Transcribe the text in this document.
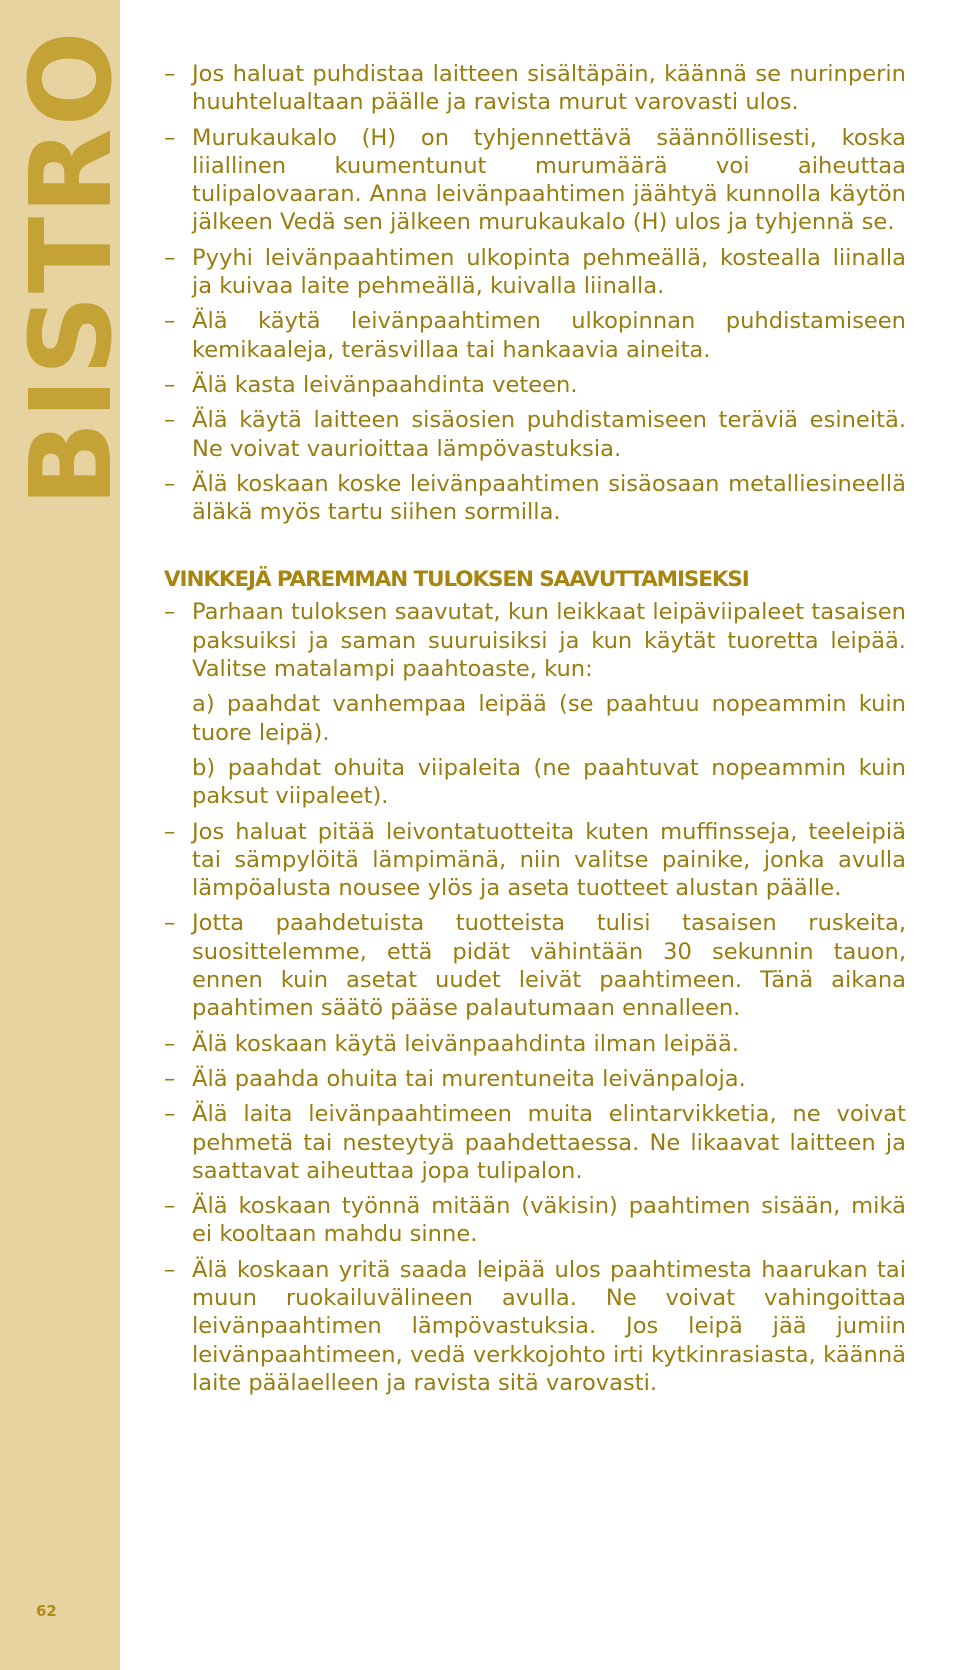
BISTRO
62
– Jos haluat puhdistaa laitteen sisältäpäin, käännä se nurinperin huuhtelualtaan päälle ja ravista murut varovasti ulos.
– Murukaukalo (H) on tyhjennettävä säännöllisesti, koska liiallinen kuumentunut murumäärä voi aiheuttaa tulipalovaaran. Anna leivänpaahtimen jäähtyä kunnolla käytön jälkeen Vedä sen jälkeen murukaukalo (H) ulos ja tyhjennä se.
– Pyyhi leivänpaahtimen ulkopinta pehmeällä, kostealla liinalla ja kuivaa laite pehmeällä, kuivalla liinalla.
– Älä käytä leivänpaahtimen ulkopinnan puhdistamiseen kemikaaleja, teräsvillaa tai hankaavia aineita.
– Älä kasta leivänpaahdinta veteen.
– Älä käytä laitteen sisäosien puhdistamiseen teräviä esineitä. Ne voivat vaurioittaa lämpövastuksia.
– Älä koskaan koske leivänpaahtimen sisäosaan metalliesineellä äläkä myös tartu siihen sormilla.
VINKKEJÄ PAREMMAN TULOKSEN SAAVUTTAMISEKSI
– Parhaan tuloksen saavutat, kun leikkaat leipäviipaleet tasaisen paksuiksi ja saman suuruisiksi ja kun käytät tuoretta leipää. Valitse matalampi paahtoaste, kun:
a) paahdat vanhempaa leipää (se paahtuu nopeammin kuin tuore leipä).
b) paahdat ohuita viipaleita (ne paahtuvat nopeammin kuin paksut viipaleet).
– Jos haluat pitää leivontatuotteita kuten muffinsseja, teeleipiä tai sämpylöitä lämpimänä, niin valitse painike, jonka avulla lämpöalusta nousee ylös ja aseta tuotteet alustan päälle.
– Jotta paahdetuista tuotteista tulisi tasaisen ruskeita, suosittelemme, että pidät vähintään 30 sekunnin tauon, ennen kuin asetat uudet leivät paahtimeen. Tänä aikana paahtimen säätö pääse palautumaan ennalleen.
– Älä koskaan käytä leivänpaahdinta ilman leipää.
– Älä paahda ohuita tai murentuneita leivänpaloja.
– Älä laita leivänpaahtimeen muita elintarvikketia, ne voivat pehmetä tai nesteytyä paahdettaessa. Ne likaavat laitteen ja saattavat aiheuttaa jopa tulipalon.
– Älä koskaan työnnä mitään (väkisin) paahtimen sisään, mikä ei kooltaan mahdu sinne.
– Älä koskaan yritä saada leipää ulos paahtimesta haarukan tai muun ruokailuvälineen avulla. Ne voivat vahingoittaa leivänpaahtimen lämpövastuksia. Jos leipä jää jumiin leivänpaahtimeen, vedä verkkojohto irti kytkinrasiasta, käännä laite päälaelleen ja ravista sitä varovasti.
